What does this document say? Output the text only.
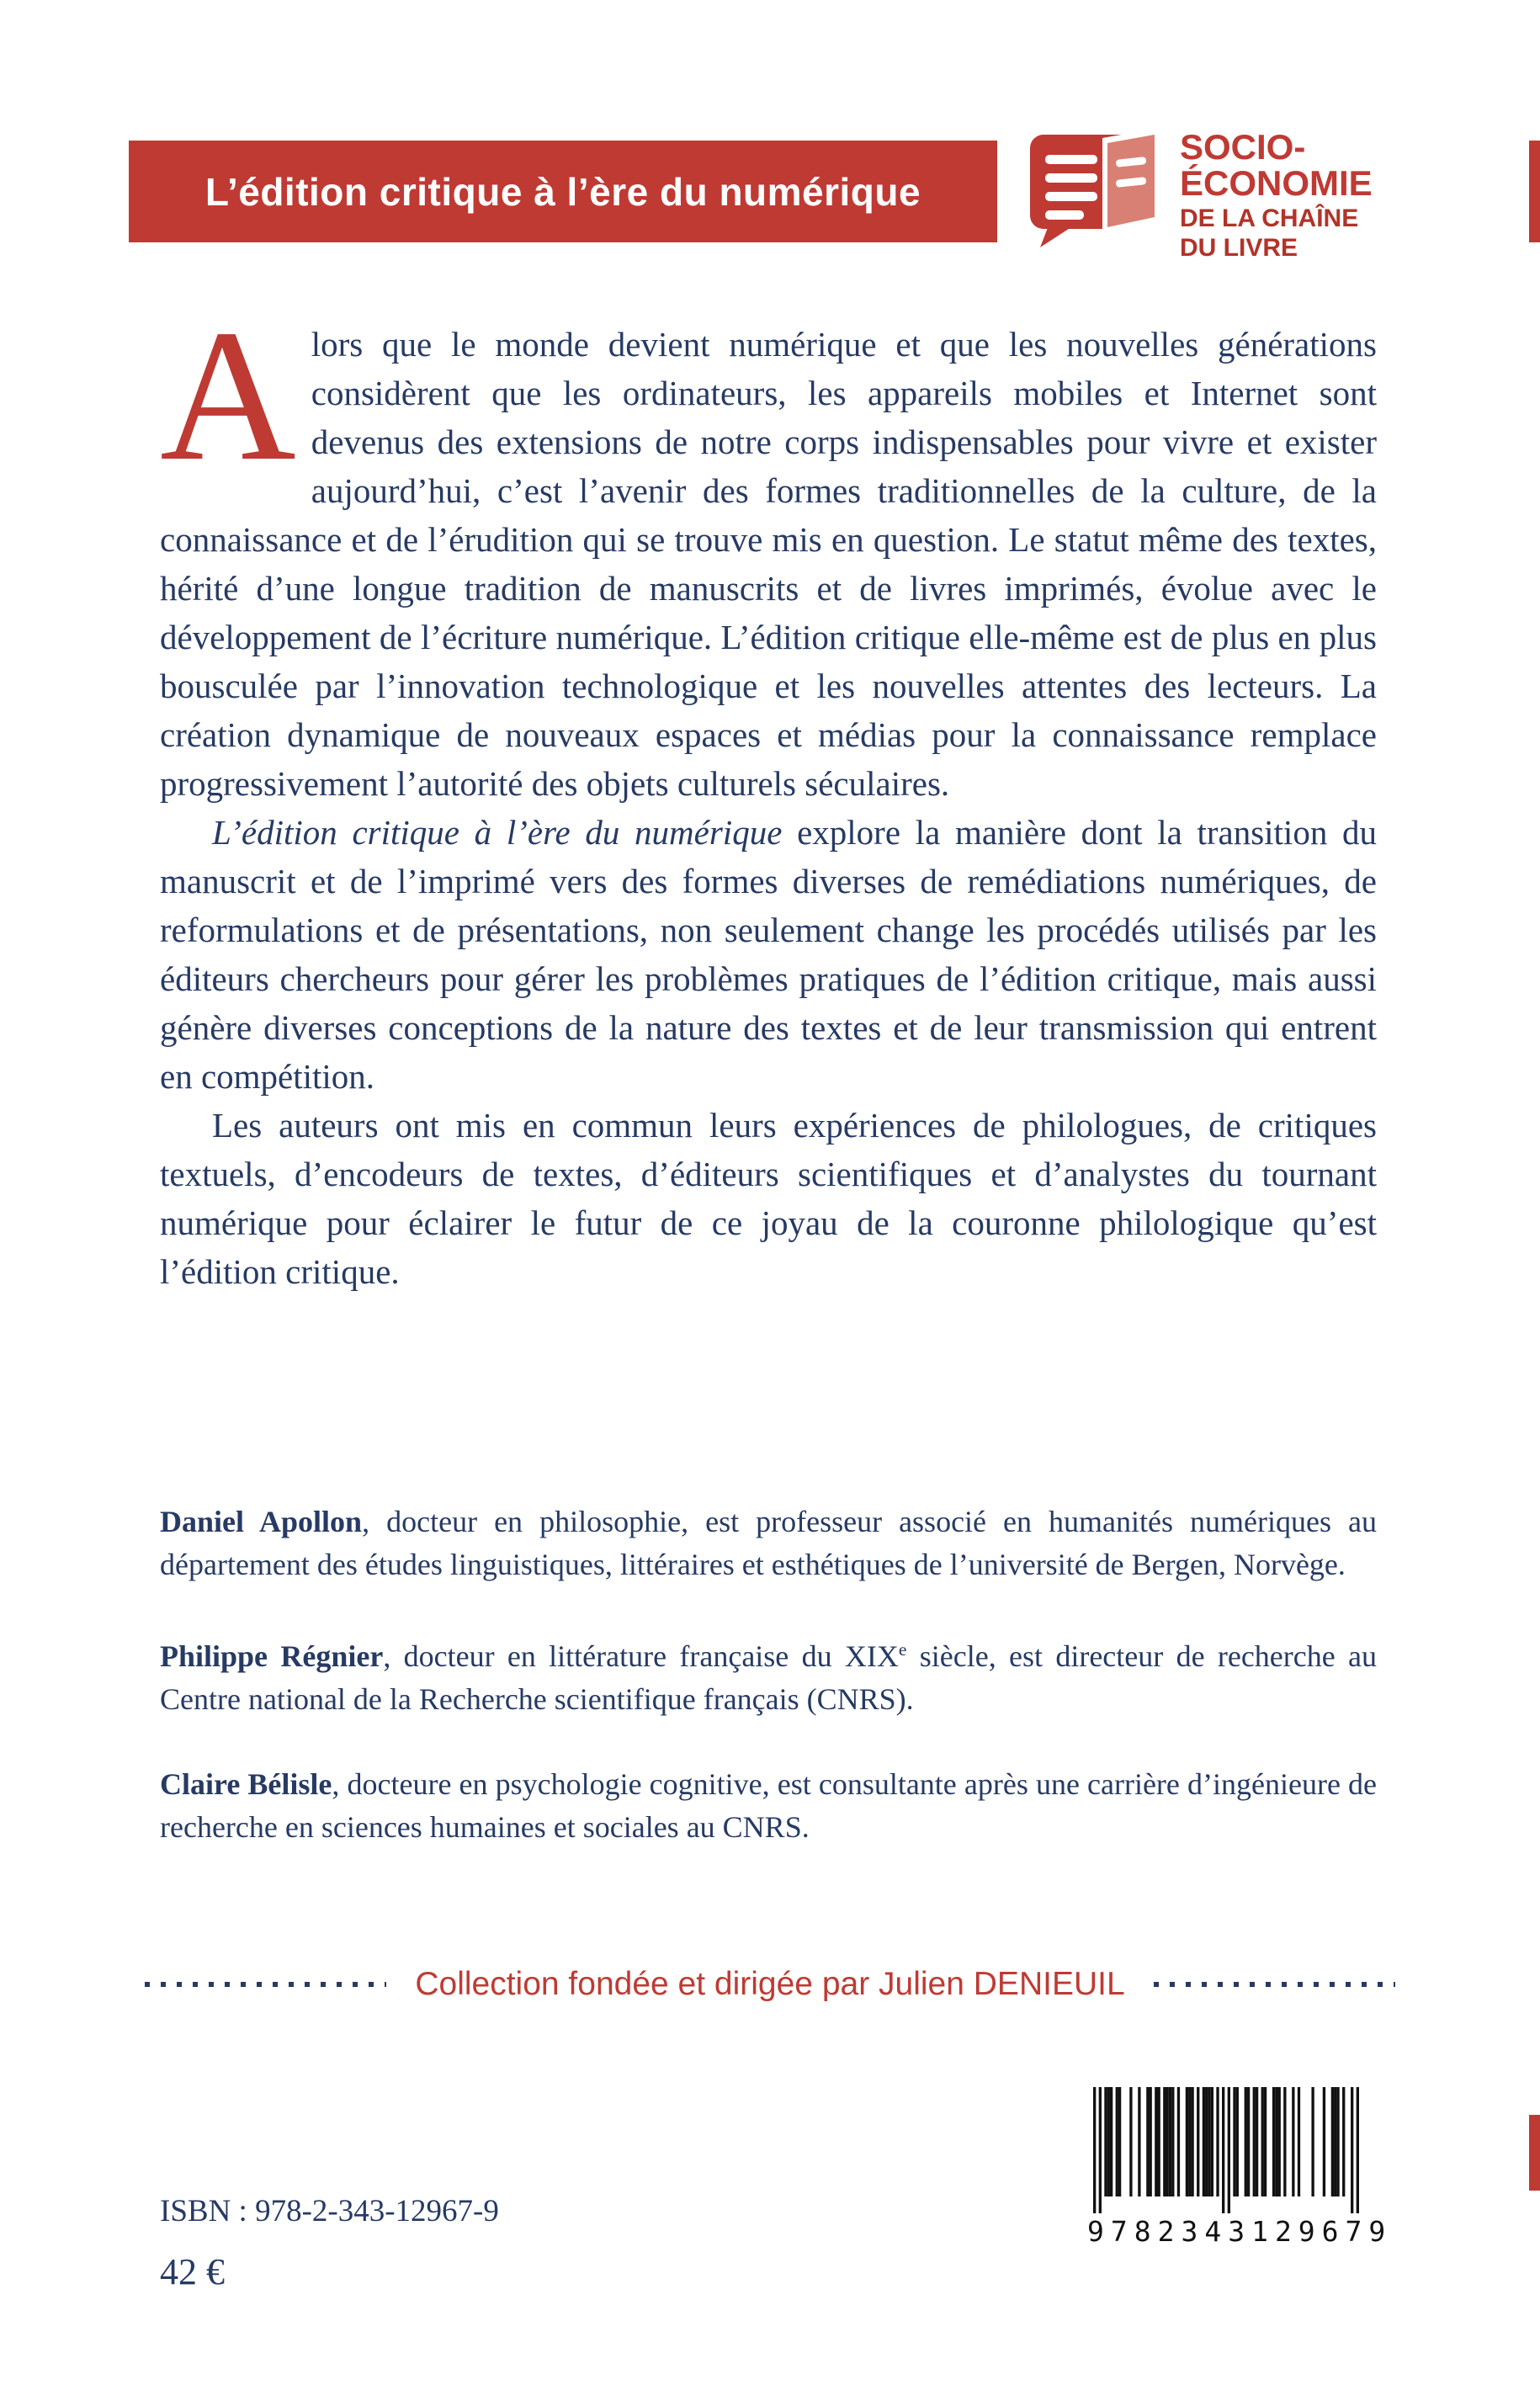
L’édition critique à l’ère du numérique
SOCIO-
ÉCONOMIE
DE LA CHAÎNE
DU LIVRE

Alors que le monde devient numérique et que les nouvelles générations considèrent que les ordinateurs, les appareils mobiles et Internet sont devenus des extensions de notre corps indispensables pour vivre et exister aujourd’hui, c’est l’avenir des formes traditionnelles de la culture, de la connaissance et de l’érudition qui se trouve mis en question. Le statut même des textes, hérité d’une longue tradition de manuscrits et de livres imprimés, évolue avec le développement de l’écriture numérique. L’édition critique elle-même est de plus en plus bousculée par l’innovation technologique et les nouvelles attentes des lecteurs. La création dynamique de nouveaux espaces et médias pour la connaissance remplace progressivement l’autorité des objets culturels séculaires.

L’édition critique à l’ère du numérique explore la manière dont la transition du manuscrit et de l’imprimé vers des formes diverses de remédiations numériques, de reformulations et de présentations, non seulement change les procédés utilisés par les éditeurs chercheurs pour gérer les problèmes pratiques de l’édition critique, mais aussi génère diverses conceptions de la nature des textes et de leur transmission qui entrent en compétition.

Les auteurs ont mis en commun leurs expériences de philologues, de critiques textuels, d’encodeurs de textes, d’éditeurs scientifiques et d’analystes du tournant numérique pour éclairer le futur de ce joyau de la couronne philologique qu’est l’édition critique.

Daniel Apollon, docteur en philosophie, est professeur associé en humanités numériques au département des études linguistiques, littéraires et esthétiques de l’université de Bergen, Norvège.

Philippe Régnier, docteur en littérature française du XIXe siècle, est directeur de recherche au Centre national de la Recherche scientifique français (CNRS).

Claire Bélisle, docteure en psychologie cognitive, est consultante après une carrière d’ingénieure de recherche en sciences humaines et sociales au CNRS.

Collection fondée et dirigée par Julien DENIEUIL
ISBN : 978-2-343-12967-9
42 €
9782343129679
